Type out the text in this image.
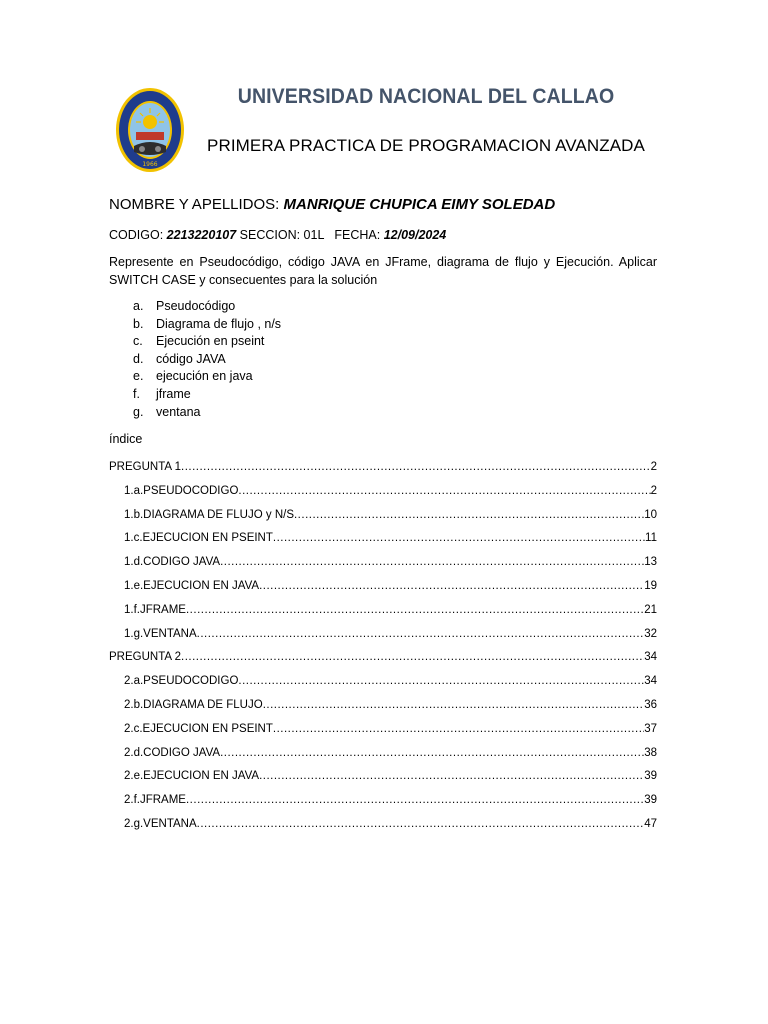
1966
UNIVERSIDAD NACIONAL DEL CALLAO
PRIMERA PRACTICA DE PROGRAMACION AVANZADA
NOMBRE Y APELLIDOS: MANRIQUE CHUPICA EIMY SOLEDAD
CODIGO: 2213220107 SECCION: 01L   FECHA: 12/09/2024
Represente en Pseudocódigo, código JAVA en JFrame, diagrama de flujo y Ejecución. Aplicar SWITCH CASE y consecuentes para la solución
a.	Pseudocódigo
b.	Diagrama de flujo , n/s
c.	Ejecución en pseint
d.	código JAVA
e.	ejecución en java
f.	jframe
g.	ventana
índice
PREGUNTA 1 .....	2
1.a.PSEUDOCODIGO .....	2
1.b.DIAGRAMA DE FLUJO y N/S .....	10
1.c.EJECUCION EN PSEINT .....	11
1.d.CODIGO JAVA .....	13
1.e.EJECUCION EN JAVA .....	19
1.f.JFRAME .....	21
1.g.VENTANA .....	32
PREGUNTA 2 .....	34
2.a.PSEUDOCODIGO .....	34
2.b.DIAGRAMA DE FLUJO .....	36
2.c.EJECUCION EN PSEINT .....	37
2.d.CODIGO JAVA .....	38
2.e.EJECUCION EN JAVA .....	39
2.f.JFRAME .....	39
2.g.VENTANA .....	47
